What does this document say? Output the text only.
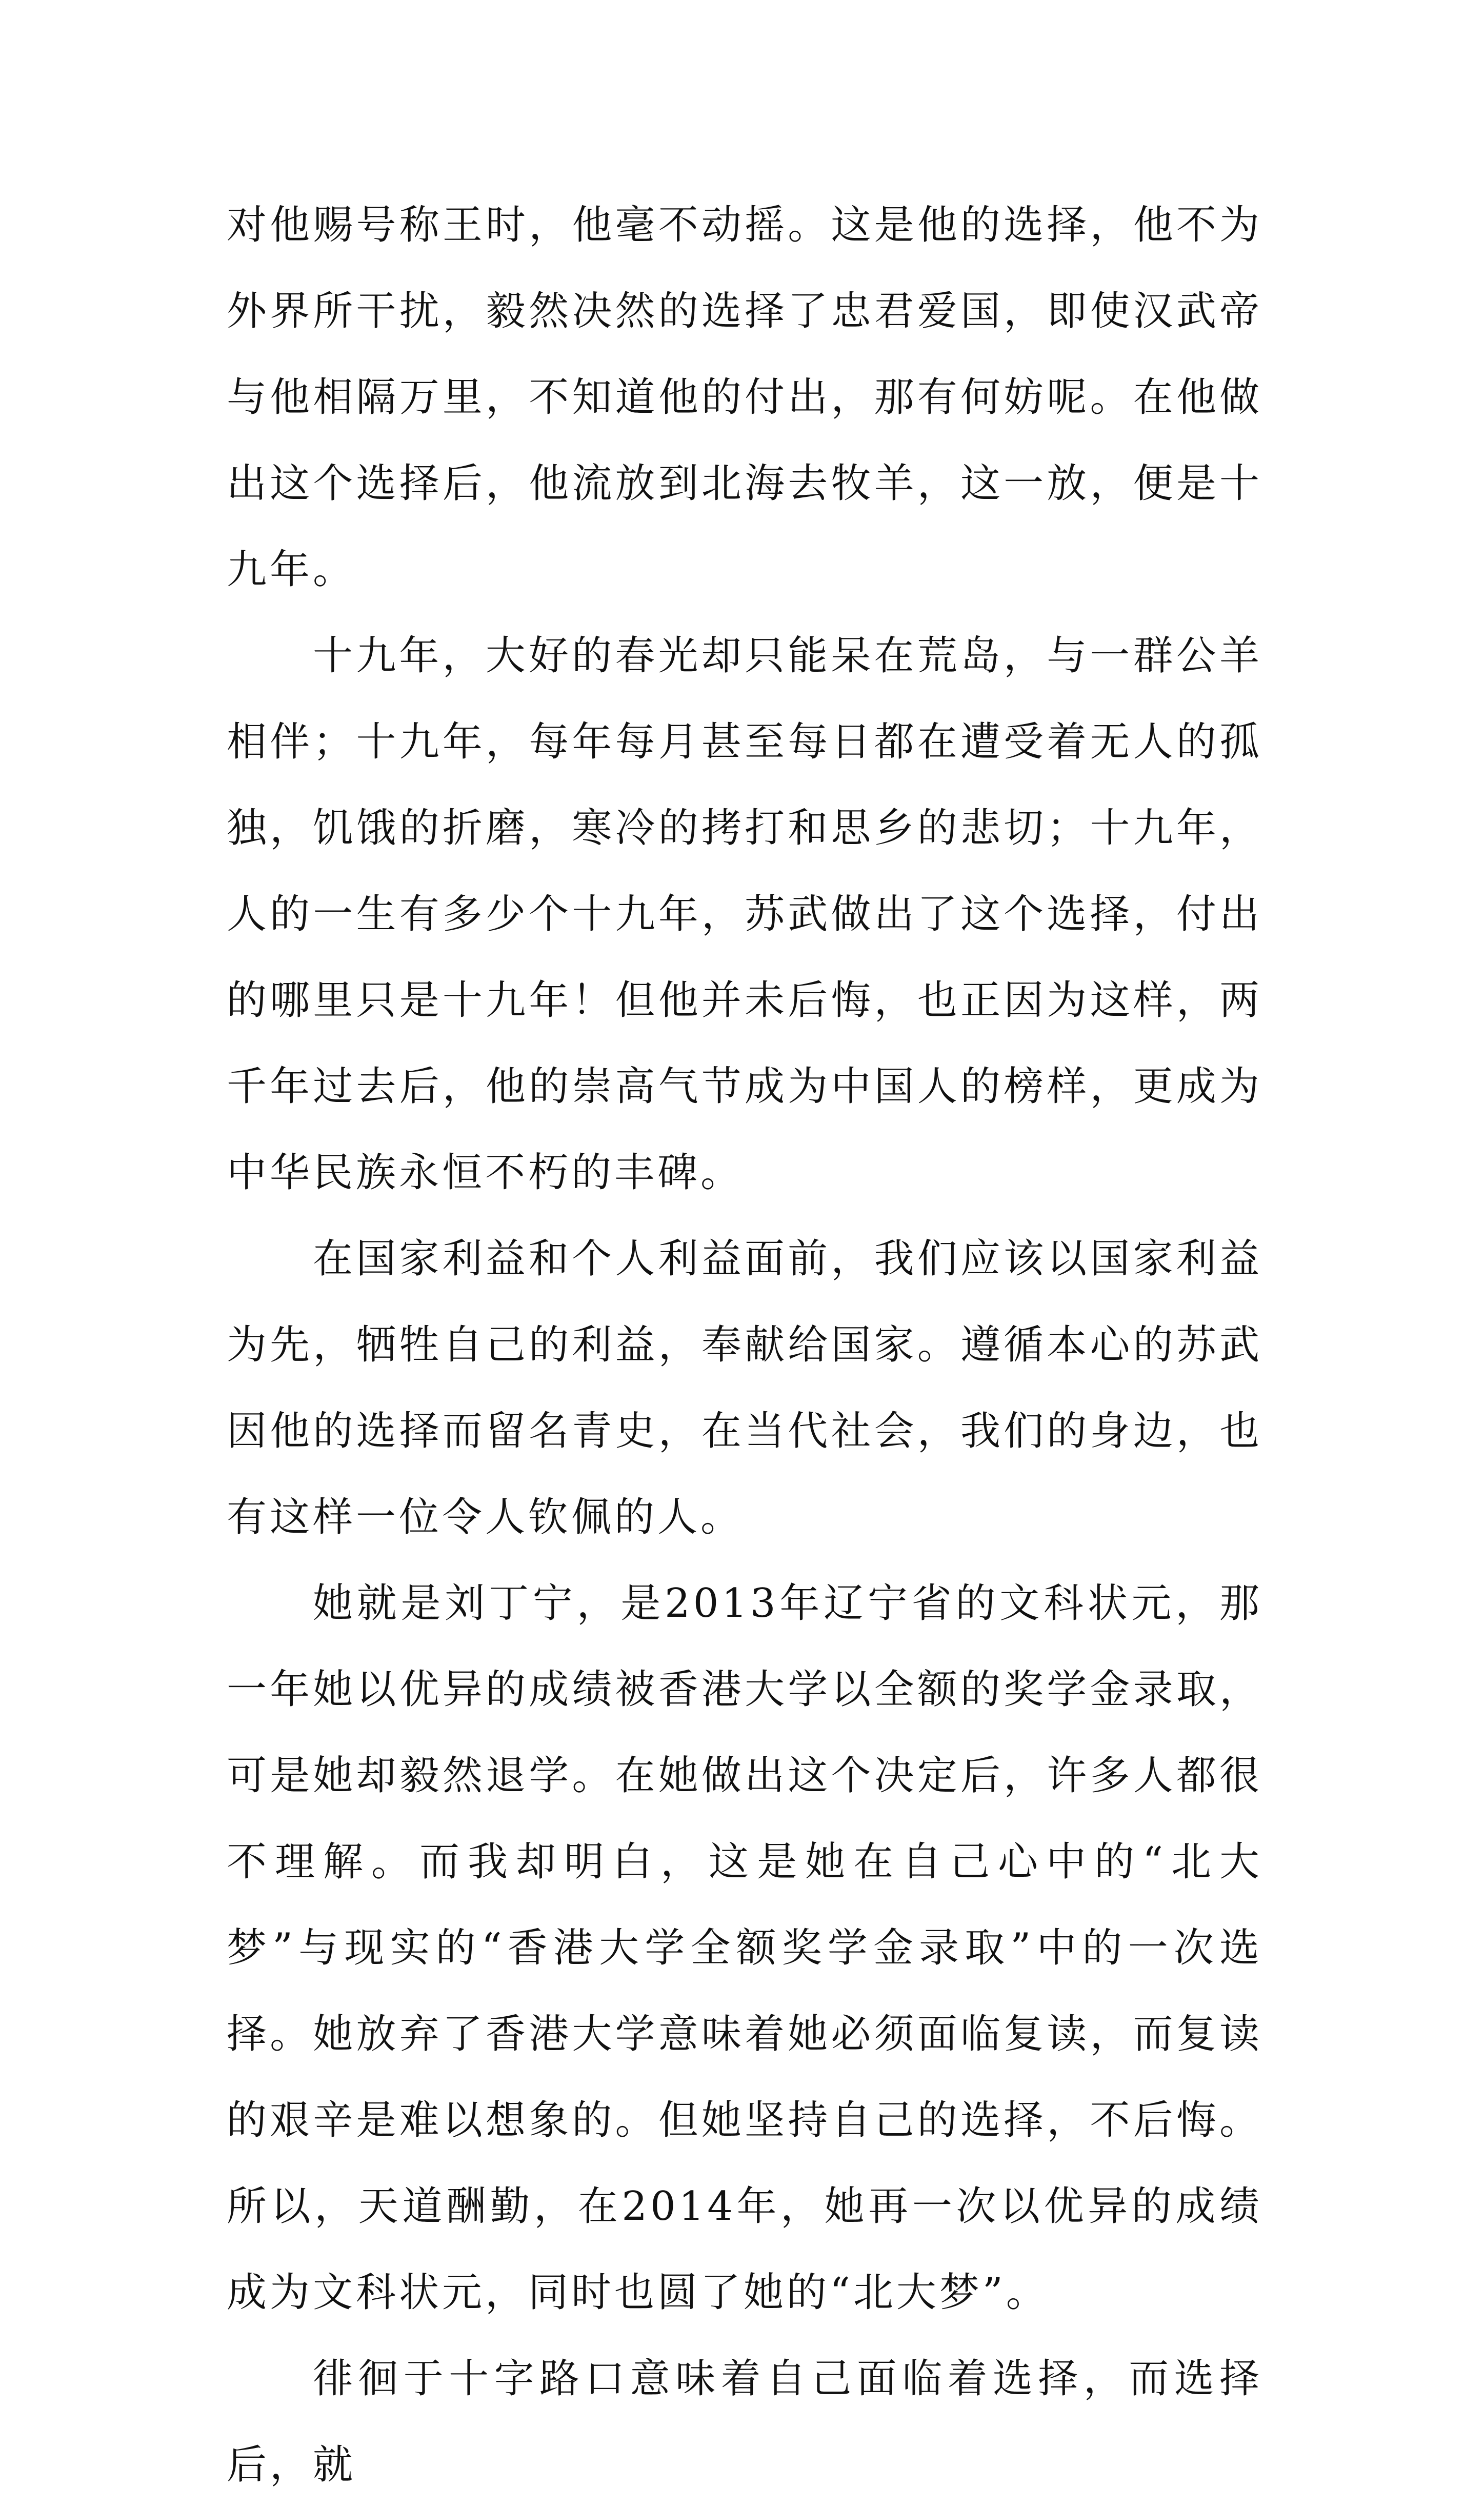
对他赐号称王时，他毫不动摇。这是他的选择，他不为外界所干扰，毅然决然的选择了忠君爱国，即使汉武帝与他相隔万里，不知道他的付出，那有何妨呢。在他做出这个选择后，他流放到北海去牧羊，这一放，便是十九年。

十九年，大好的春光却只能呆在荒岛，与一群公羊相伴；十九年，每年每月甚至每日都在遭受着无人的孤独，饥饿的折磨，寒冷的拷打和思乡的悲切；十九年，人的一生有多少个十九年，苏武做出了这个选择，付出的哪里只是十九年！但他并未后悔，也正因为这样，两千年过去后，他的崇高气节成为中国人的榜样，更成为中华民族永恒不朽的丰碑。

在国家利益和个人利益面前，我们应该以国家利益为先，牺牲自己的利益，奉献给国家。遵循本心的苏武因他的选择而留名青史，在当代社会，我们的身边，也有这样一位令人钦佩的人。

她就是刘丁宁，是2013年辽宁省的文科状元，那一年她以优异的成绩被香港大学以全额的奖学金录取，可是她却毅然退学。在她做出这个决定后，许多人都很不理解。而我却明白，这是她在自己心中的“北大梦”与现实的“香港大学全额奖学金录取”中的一次选择。她放弃了香港大学意味着她必须面临复读，而复读的艰辛是难以想象的。但她坚持自己的选择，不后悔。所以，天道酬勤，在2014年，她再一次以优异的成绩成为文科状元，同时也圆了她的“北大梦”。

徘徊于十字路口意味着自己面临着选择，而选择后，就
